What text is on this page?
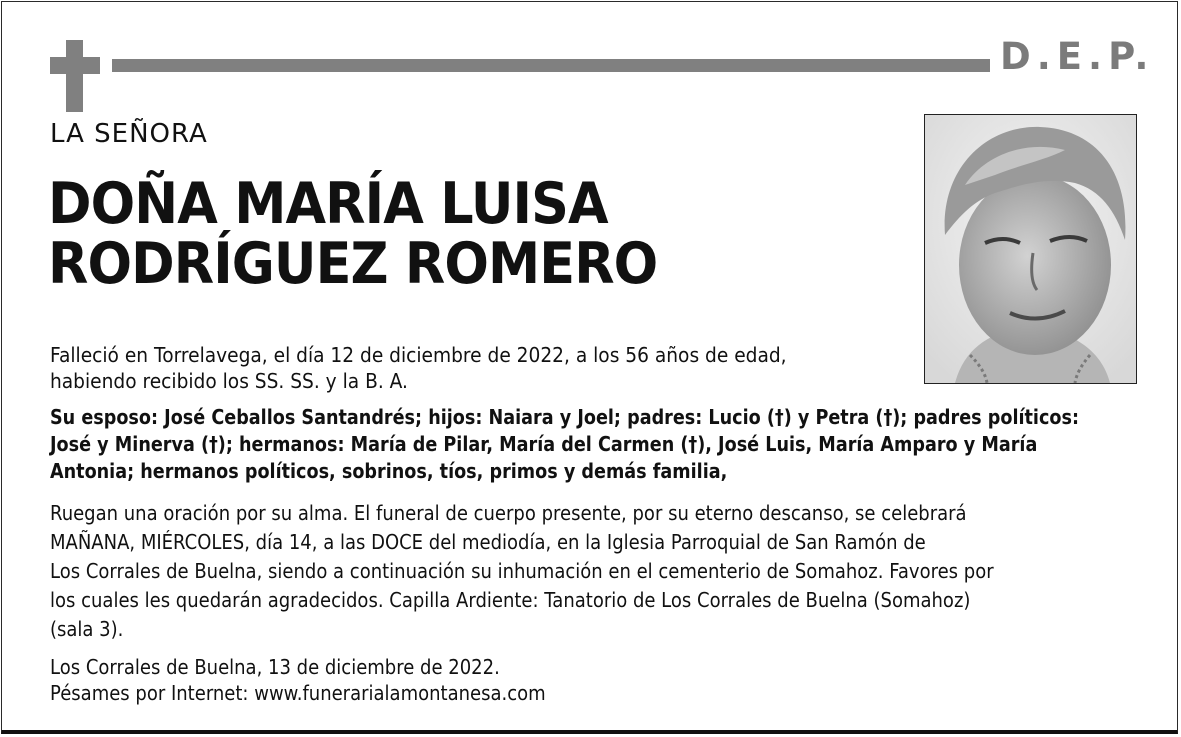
D.E.P.
LA SEÑORA
DOÑA MARÍA LUISA
RODRÍGUEZ ROMERO
Falleció en Torrelavega, el día 12 de diciembre de 2022, a los 56 años de edad,
habiendo recibido los SS. SS. y la B. A.
Su esposo: José Ceballos Santandrés; hijos: Naiara y Joel; padres: Lucio (†) y Petra (†); padres políticos:
José y Minerva (†); hermanos: María de Pilar, María del Carmen (†), José Luis, María Amparo y María
Antonia; hermanos políticos, sobrinos, tíos, primos y demás familia,
Ruegan una oración por su alma. El funeral de cuerpo presente, por su eterno descanso, se celebrará
MAÑANA, MIÉRCOLES, día 14, a las DOCE del mediodía, en la Iglesia Parroquial de San Ramón de
Los Corrales de Buelna, siendo a continuación su inhumación en el cementerio de Somahoz. Favores por
los cuales les quedarán agradecidos. Capilla Ardiente: Tanatorio de Los Corrales de Buelna (Somahoz)
(sala 3).
Los Corrales de Buelna, 13 de diciembre de 2022.
Pésames por Internet: www.funerarialamontanesa.com
